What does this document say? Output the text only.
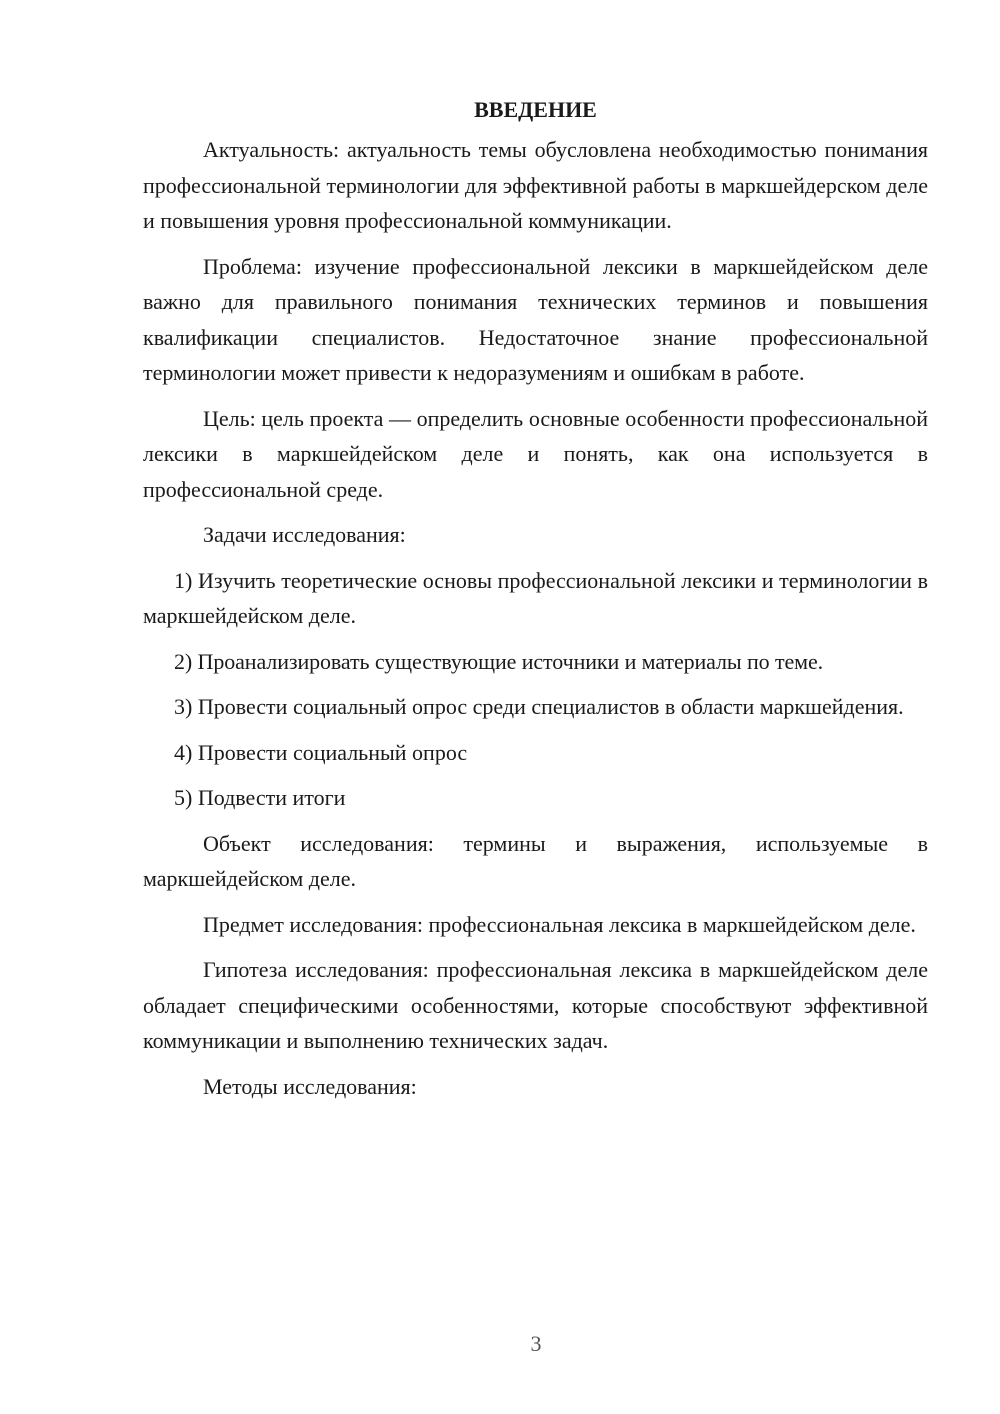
ВВЕДЕНИЕ

Актуальность: актуальность темы обусловлена необходимостью понимания профессиональной терминологии для эффективной работы в маркшейдерском деле и повышения уровня профессиональной коммуникации.

Проблема: изучение профессиональной лексики в маркшейдейском деле важно для правильного понимания технических терминов и повышения квалификации специалистов. Недостаточное знание профессиональной терминологии может привести к недоразумениям и ошибкам в работе.

Цель: цель проекта — определить основные особенности профессиональной лексики в маркшейдейском деле и понять, как она используется в профессиональной среде.

Задачи исследования:

1) Изучить теоретические основы профессиональной лексики и терминологии в маркшейдейском деле.

2) Проанализировать существующие источники и материалы по теме.

3) Провести социальный опрос среди специалистов в области маркшейдения.

4) Провести социальный опрос

5) Подвести итоги

Объект исследования: термины и выражения, используемые в маркшейдейском деле.

Предмет исследования: профессиональная лексика в маркшейдейском деле.

Гипотеза исследования: профессиональная лексика в маркшейдейском деле обладает специфическими особенностями, которые способствуют эффективной коммуникации и выполнению технических задач.

Методы исследования:

3
